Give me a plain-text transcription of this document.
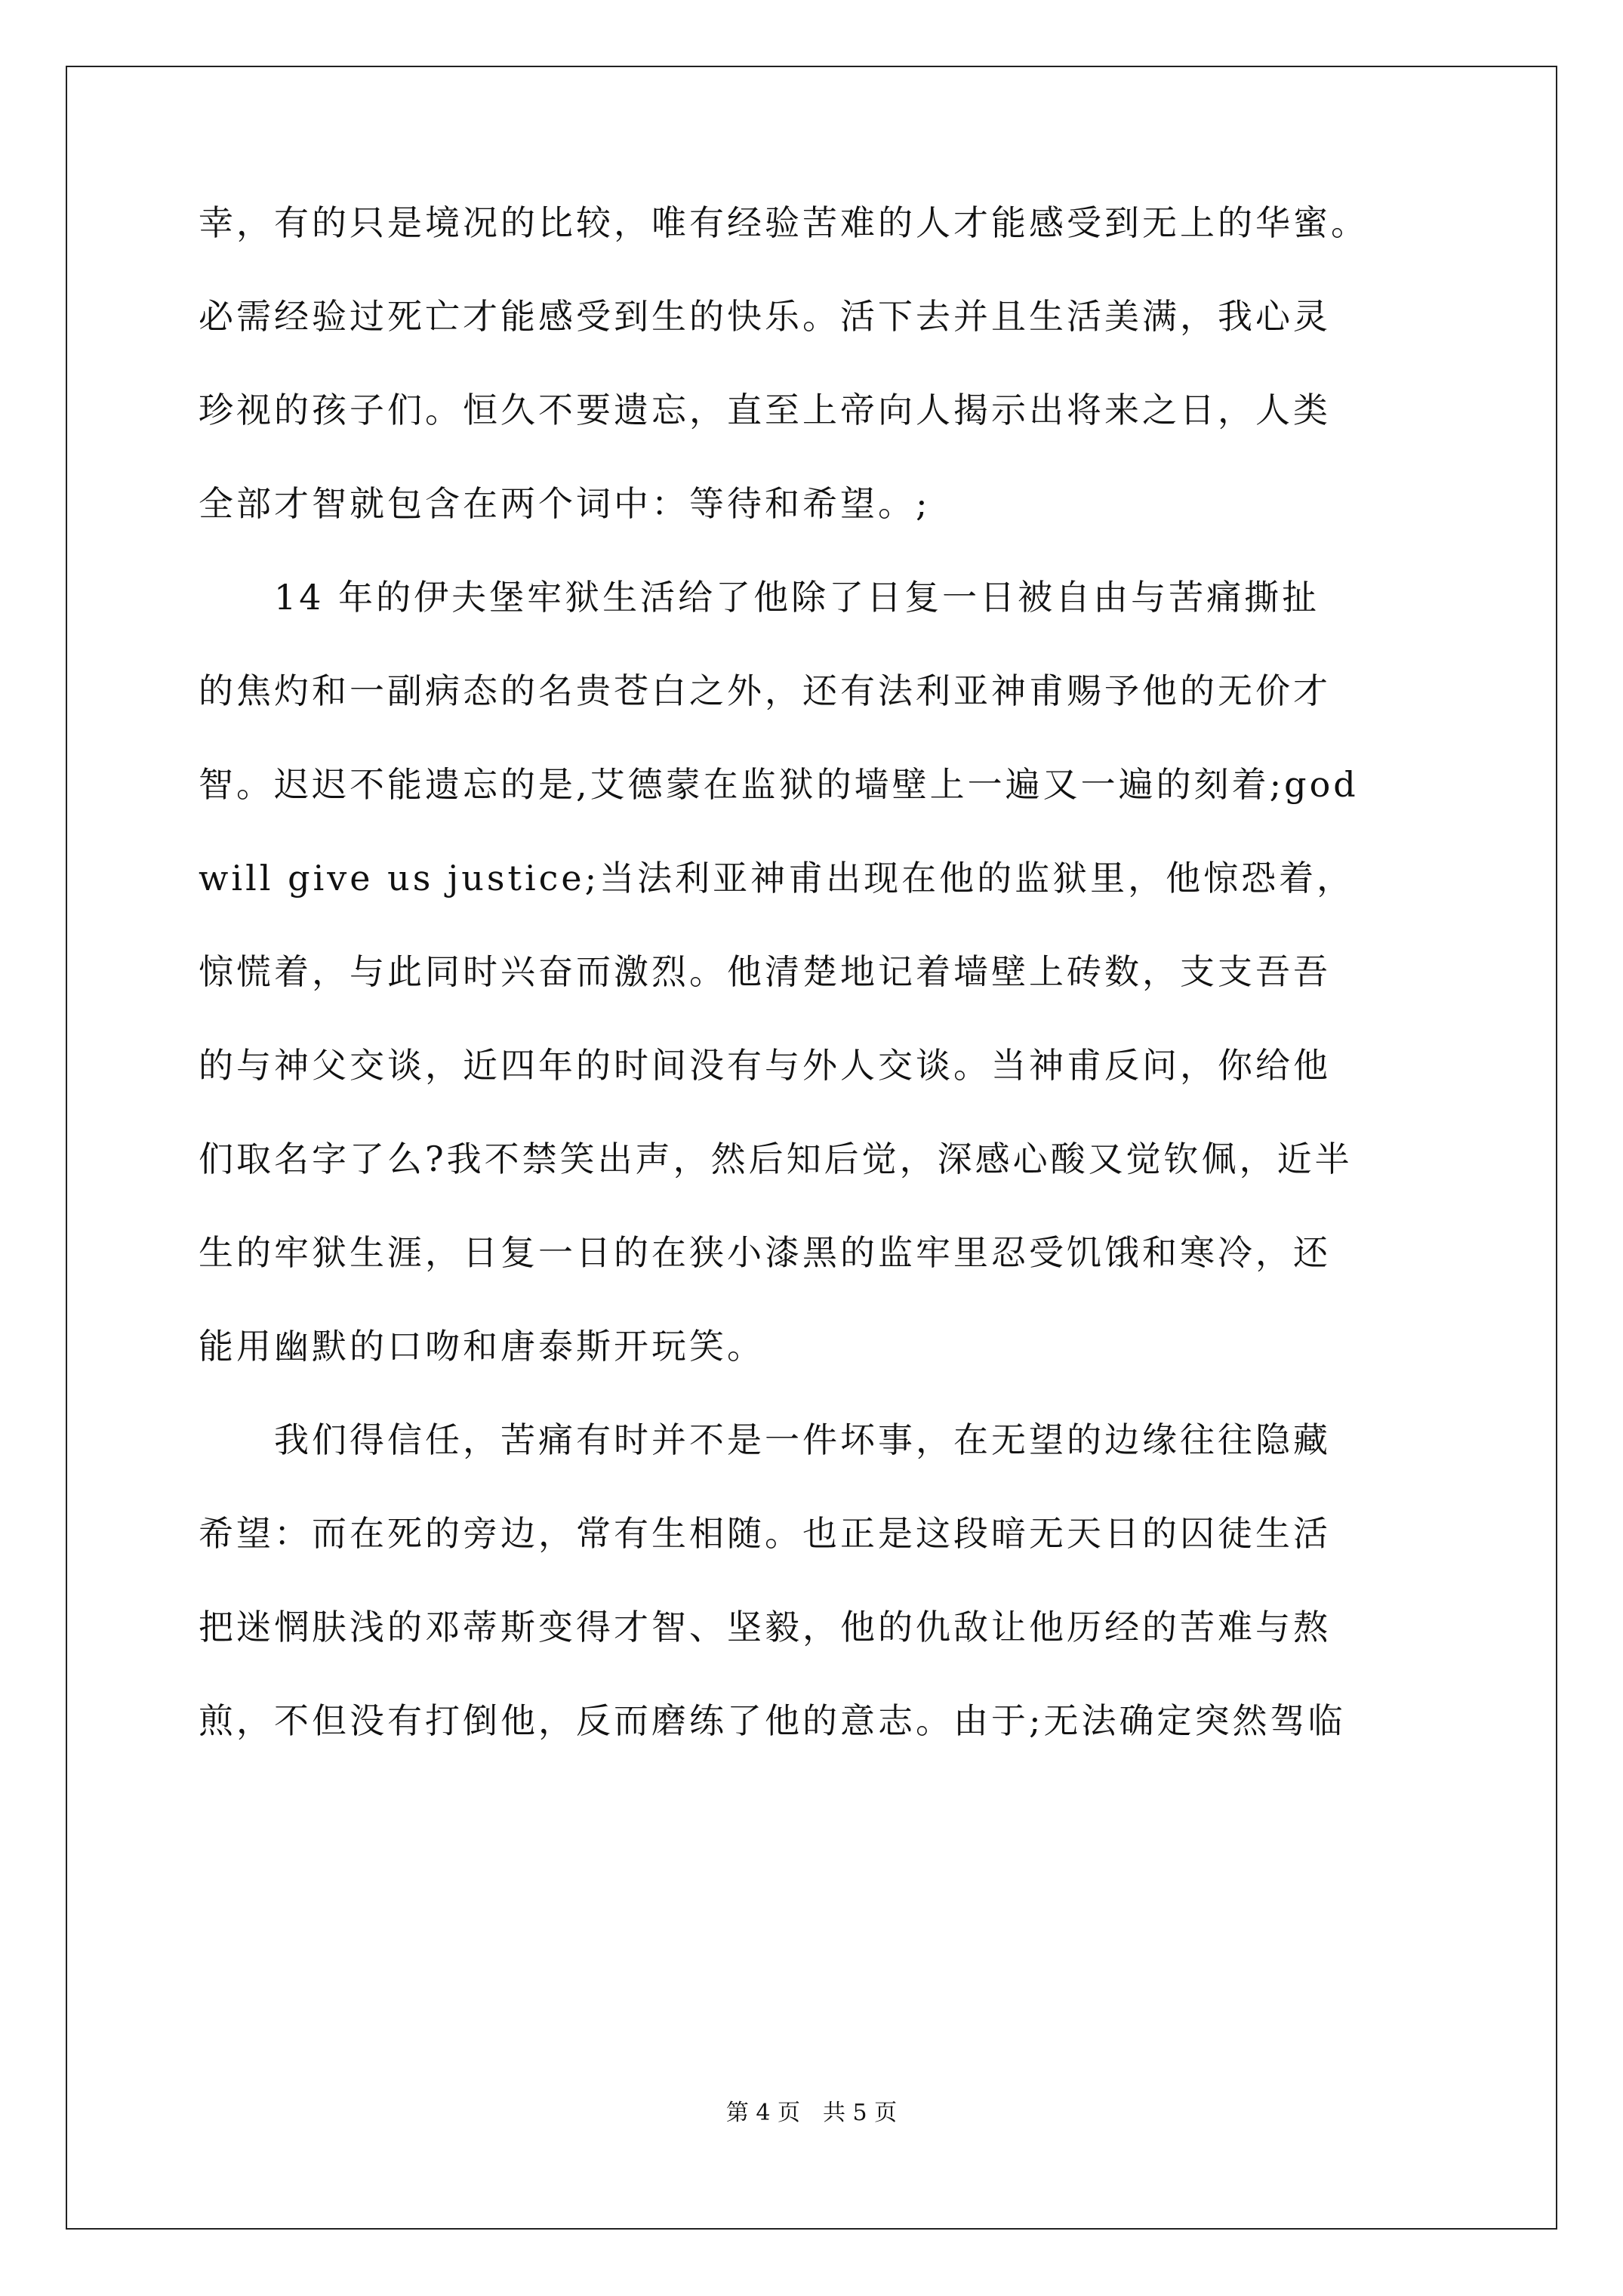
幸，有的只是境况的比较，唯有经验苦难的人才能感受到无上的华蜜。
必需经验过死亡才能感受到生的快乐。活下去并且生活美满，我心灵
珍视的孩子们。恒久不要遗忘，直至上帝向人揭示出将来之日，人类
全部才智就包含在两个词中：等待和希望。;
　　14 年的伊夫堡牢狱生活给了他除了日复一日被自由与苦痛撕扯
的焦灼和一副病态的名贵苍白之外，还有法利亚神甫赐予他的无价才
智。迟迟不能遗忘的是,艾德蒙在监狱的墙壁上一遍又一遍的刻着;god
will give us justice;当法利亚神甫出现在他的监狱里，他惊恐着，
惊慌着，与此同时兴奋而激烈。他清楚地记着墙壁上砖数，支支吾吾
的与神父交谈，近四年的时间没有与外人交谈。当神甫反问，你给他
们取名字了么?我不禁笑出声，然后知后觉，深感心酸又觉钦佩，近半
生的牢狱生涯，日复一日的在狭小漆黑的监牢里忍受饥饿和寒冷，还
能用幽默的口吻和唐泰斯开玩笑。
　　我们得信任，苦痛有时并不是一件坏事，在无望的边缘往往隐藏
希望：而在死的旁边，常有生相随。也正是这段暗无天日的囚徒生活
把迷惘肤浅的邓蒂斯变得才智、坚毅，他的仇敌让他历经的苦难与熬
煎，不但没有打倒他，反而磨练了他的意志。由于;无法确定突然驾临
第 4 页　共 5 页
